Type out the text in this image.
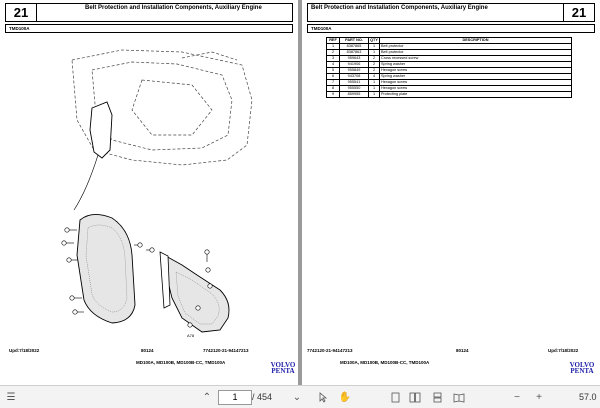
21	Belt Protection and Installation Components, Auxiliary Engine
TMD100A
A78
Upd:7/18/2022	80124	7742120-21-94147213
MD100A, MD100B, MD100B-CC, TMD100A	VOLVO
PENTA
Belt Protection and Installation Components, Auxiliary Engine	21
TMD100A
REF	PART NO.	QTY	DESCRIPTION
1	8387865	1	Belt protector
2	8387863	1	Belt protector
3	959643	2	Cross recessed screw
4	941906	2	Spring washer
5	955849	2	Hexagon screw
6	943708	4	Spring washer
7	955541	1	Hexagon screw
8	955550	1	Hexagon screw
9	859955	1	Protecting plate
7742120-21-94147213	80124	Upd:7/18/2022
MD100A, MD100B, MD100B-CC, TMD100A	VOLVO
PENTA
☰	⌃	1	/ 454 ⌄	✋	−	+	57.0
